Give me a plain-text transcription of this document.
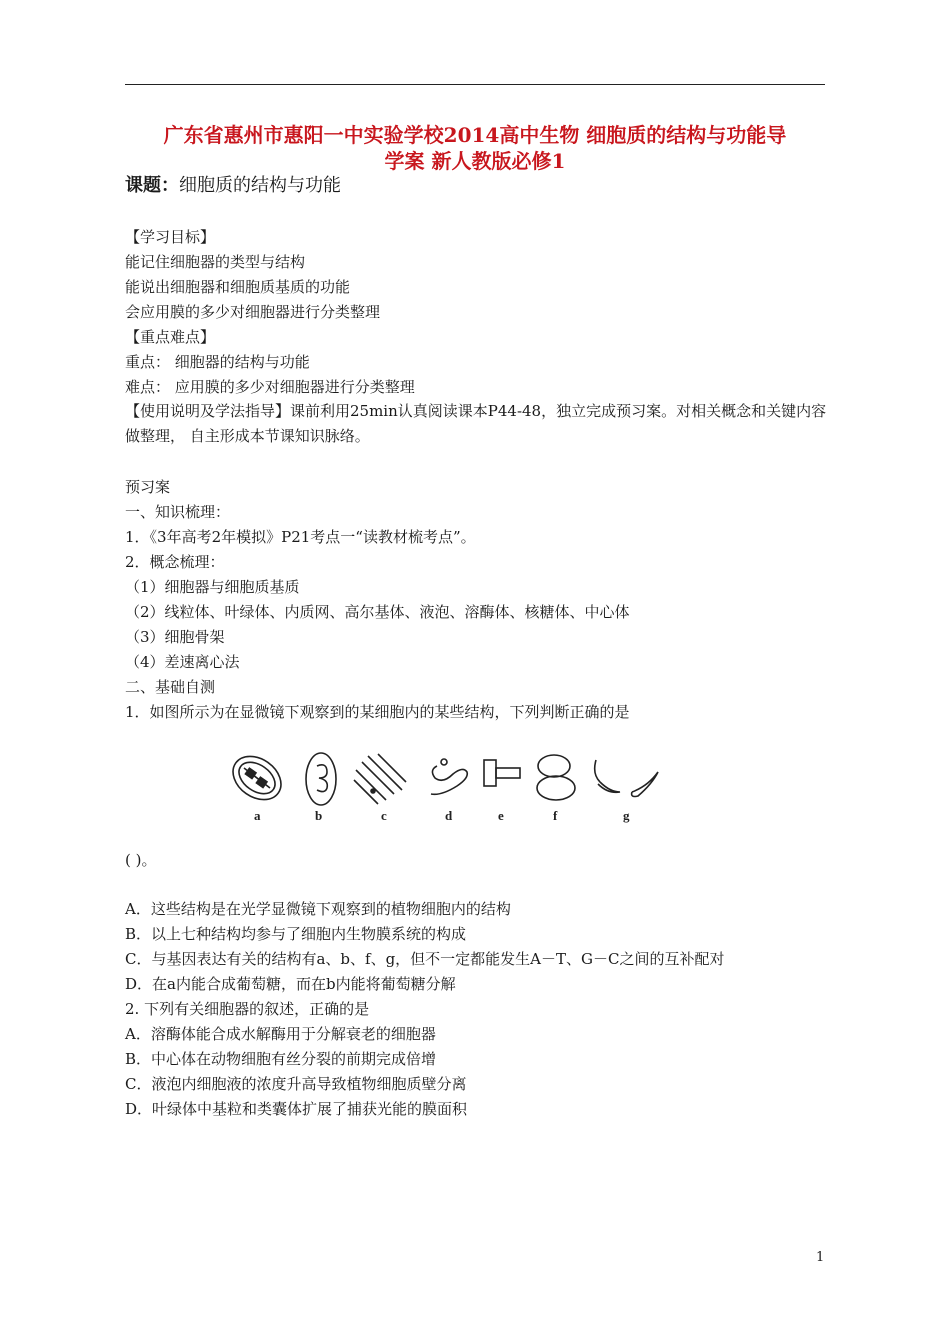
广东省惠州市惠阳一中实验学校2014高中生物 细胞质的结构与功能导
学案 新人教版必修1
课题：细胞质的结构与功能
【学习目标】
能记住细胞器的类型与结构
能说出细胞器和细胞质基质的功能
会应用膜的多少对细胞器进行分类整理
【重点难点】
重点： 细胞器的结构与功能
难点： 应用膜的多少对细胞器进行分类整理
【使用说明及学法指导】课前利用25min认真阅读课本P44-48，独立完成预习案。对相关概念和关键内容做整理， 自主形成本节课知识脉络。
预习案
一、知识梳理：
1．《3年高考2年模拟》P21考点一“读教材梳考点”。
2．概念梳理：
（1）细胞器与细胞质基质
（2）线粒体、叶绿体、内质网、高尔基体、液泡、溶酶体、核糖体、中心体
（3）细胞骨架
（4）差速离心法
二、基础自测
1．如图所示为在显微镜下观察到的某细胞内的某些结构，下列判断正确的是
a	b	c	d	e	f	g
( )。
A．这些结构是在光学显微镜下观察到的植物细胞内的结构
B．以上七种结构均参与了细胞内生物膜系统的构成
C．与基因表达有关的结构有a、b、f、g，但不一定都能发生A－T、G－C之间的互补配对
D．在a内能合成葡萄糖，而在b内能将葡萄糖分解
2. 下列有关细胞器的叙述，正确的是
A．溶酶体能合成水解酶用于分解衰老的细胞器
B．中心体在动物细胞有丝分裂的前期完成倍增
C．液泡内细胞液的浓度升高导致植物细胞质壁分离
D．叶绿体中基粒和类囊体扩展了捕获光能的膜面积
1
